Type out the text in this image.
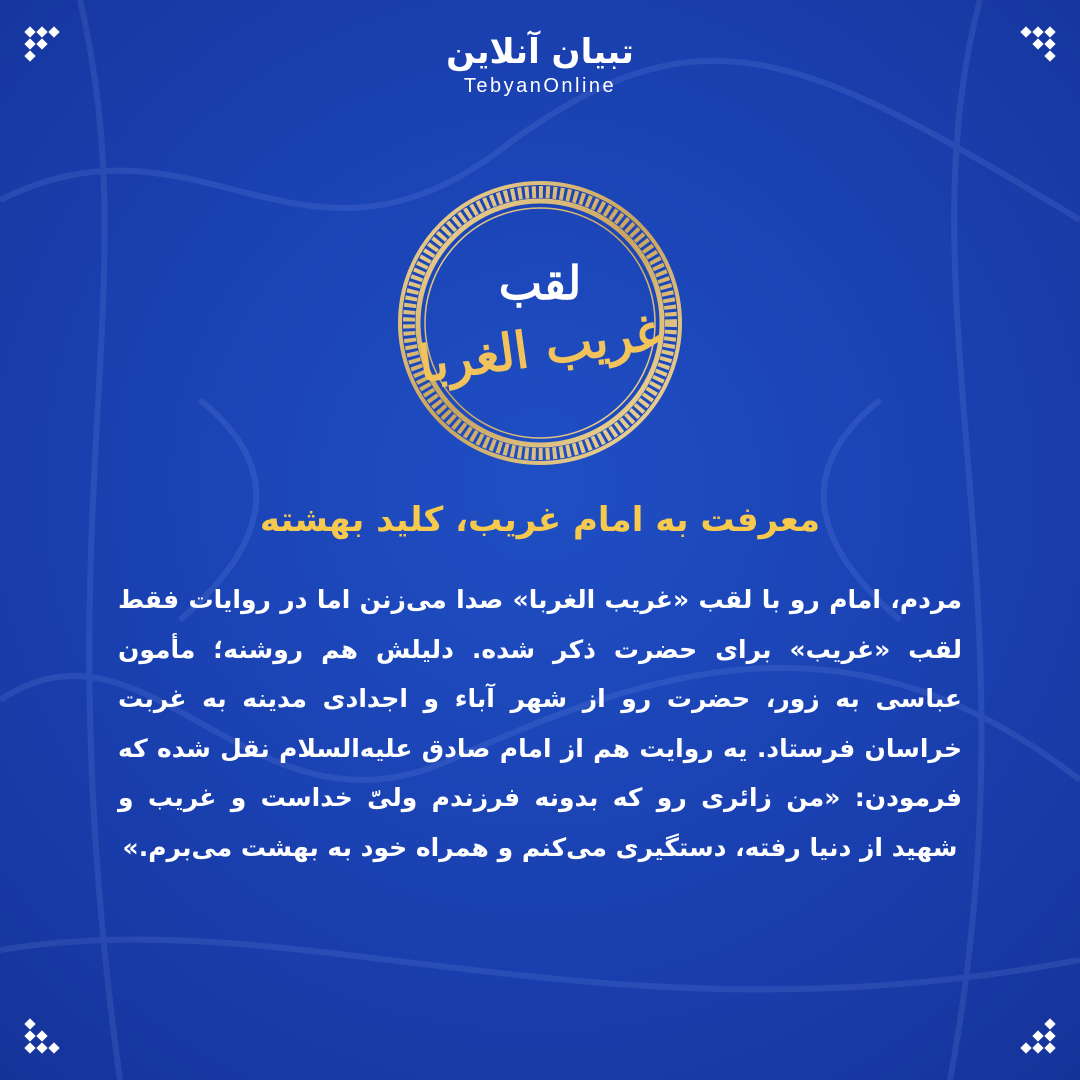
تبیان آنلاین
TebyanOnline
لقب
غریب الغربا
معرفت به امام غریب، کلید بهشته
مردم، امام رو با لقب «غریب الغربا» صدا می‌زنن اما در روایات فقط لقب «غریب» برای حضرت ذکر شده. دلیلش هم روشنه؛ مأمون عباسی به زور، حضرت رو از شهر آباء و اجدادی مدینه به غربت خراسان فرستاد. یه روایت هم از امام صادق علیه‌السلام نقل شده که فرمودن: «من زائری رو که بدونه فرزندم ولیّ خداست و غریب و شهید از دنیا رفته، دستگیری می‌کنم و همراه خود به بهشت می‌برم.»
